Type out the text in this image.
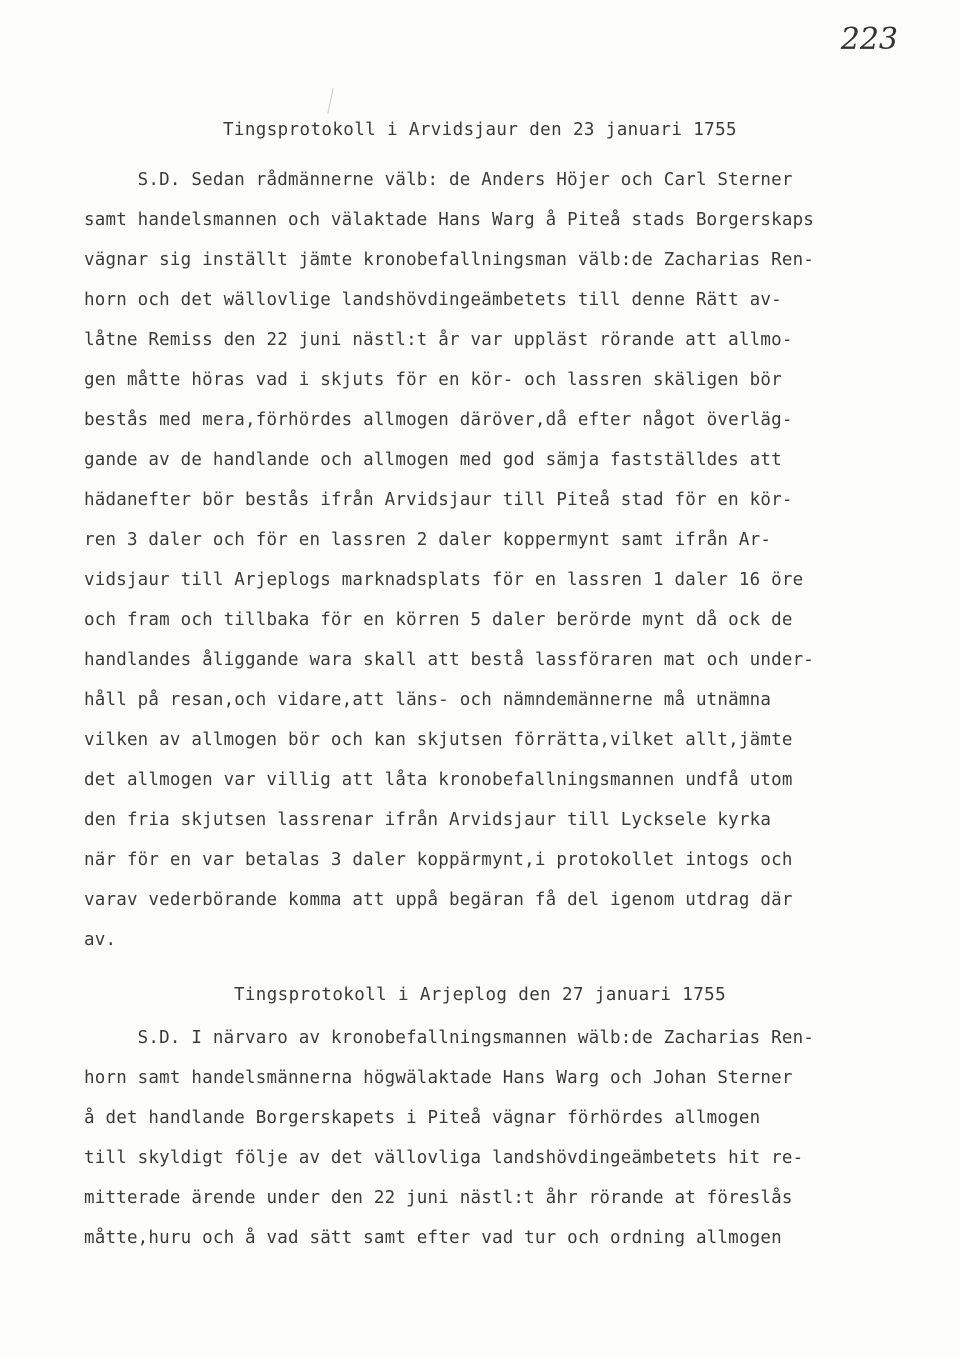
223
Tingsprotokoll i Arvidsjaur den 23 januari 1755
S.D. Sedan rådmännerne välb: de Anders Höjer och Carl Sterner
samt handelsmannen och välaktade Hans Warg å Piteå stads Borgerskaps
vägnar sig inställt jämte kronobefallningsman välb:de Zacharias Ren-
horn och det wällovlige landshövdingeämbetets till denne Rätt av-
låtne Remiss den 22 juni nästl:t år var uppläst rörande att allmo-
gen måtte höras vad i skjuts för en kör- och lassren skäligen bör
bestås med mera,förhördes allmogen däröver,då efter något överläg-
gande av de handlande och allmogen med god sämja fastställdes att
hädanefter bör bestås ifrån Arvidsjaur till Piteå stad för en kör-
ren 3 daler och för en lassren 2 daler koppermynt samt ifrån Ar-
vidsjaur till Arjeplogs marknadsplats för en lassren 1 daler 16 öre
och fram och tillbaka för en körren 5 daler berörde mynt då ock de
handlandes åliggande wara skall att bestå lassföraren mat och under-
håll på resan,och vidare,att läns- och nämndemännerne må utnämna
vilken av allmogen bör och kan skjutsen förrätta,vilket allt,jämte
det allmogen var villig att låta kronobefallningsmannen undfå utom
den fria skjutsen lassrenar ifrån Arvidsjaur till Lycksele kyrka
när för en var betalas 3 daler koppärmynt,i protokollet intogs och
varav vederbörande komma att uppå begäran få del igenom utdrag där
av.
Tingsprotokoll i Arjeplog den 27 januari 1755
S.D. I närvaro av kronobefallningsmannen wälb:de Zacharias Ren-
horn samt handelsmännerna högwälaktade Hans Warg och Johan Sterner
å det handlande Borgerskapets i Piteå vägnar förhördes allmogen
till skyldigt följe av det vällovliga landshövdingeämbetets hit re-
mitterade ärende under den 22 juni nästl:t åhr rörande at föreslås
måtte,huru och å vad sätt samt efter vad tur och ordning allmogen
